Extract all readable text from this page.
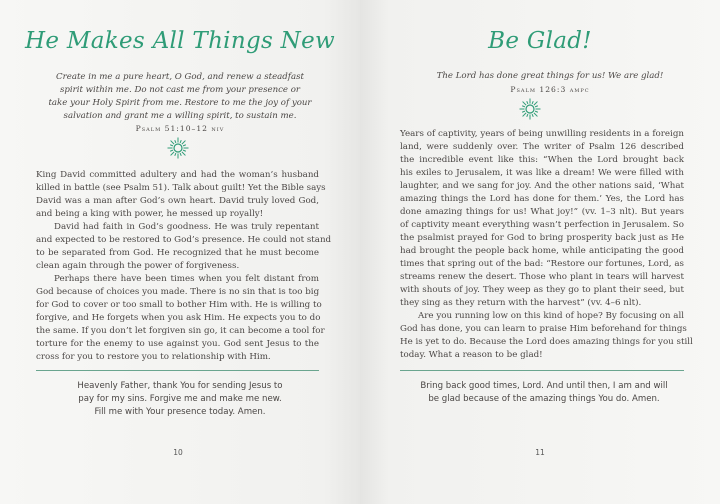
He Makes All Things New
Create in me a pure heart, O God, and renew a steadfast
spirit within me. Do not cast me from your presence or
take your Holy Spirit from me. Restore to me the joy of your
salvation and grant me a willing spirit, to sustain me.
Psalm 51:10–12 niv
King David committed adultery and had the woman’s husband
killed in battle (see Psalm 51). Talk about guilt! Yet the Bible says
David was a man after God’s own heart. David truly loved God,
and being a king with power, he messed up royally!
David had faith in God’s goodness. He was truly repentant
and expected to be restored to God’s presence. He could not stand
to be separated from God. He recognized that he must become
clean again through the power of forgiveness.
Perhaps there have been times when you felt distant from
God because of choices you made. There is no sin that is too big
for God to cover or too small to bother Him with. He is willing to
forgive, and He forgets when you ask Him. He expects you to do
the same. If you don’t let forgiven sin go, it can become a tool for
torture for the enemy to use against you. God sent Jesus to the
cross for you to restore you to relationship with Him.
Heavenly Father, thank You for sending Jesus to
pay for my sins. Forgive me and make me new.
Fill me with Your presence today. Amen.
10
Be Glad!
The Lord has done great things for us! We are glad!
Psalm 126:3 ampc
Years of captivity, years of being unwilling residents in a foreign
land, were suddenly over. The writer of Psalm 126 described
the incredible event like this: “When the Lord brought back
his exiles to Jerusalem, it was like a dream! We were filled with
laughter, and we sang for joy. And the other nations said, ‘What
amazing things the Lord has done for them.’ Yes, the Lord has
done amazing things for us! What joy!” (vv. 1–3 nlt). But years
of captivity meant everything wasn’t perfection in Jerusalem. So
the psalmist prayed for God to bring prosperity back just as He
had brought the people back home, while anticipating the good
times that spring out of the bad: “Restore our fortunes, Lord, as
streams renew the desert. Those who plant in tears will harvest
with shouts of joy. They weep as they go to plant their seed, but
they sing as they return with the harvest” (vv. 4–6 nlt).
Are you running low on this kind of hope? By focusing on all
God has done, you can learn to praise Him beforehand for things
He is yet to do. Because the Lord does amazing things for you still
today. What a reason to be glad!
Bring back good times, Lord. And until then, I am and will
be glad because of the amazing things You do. Amen.
11
